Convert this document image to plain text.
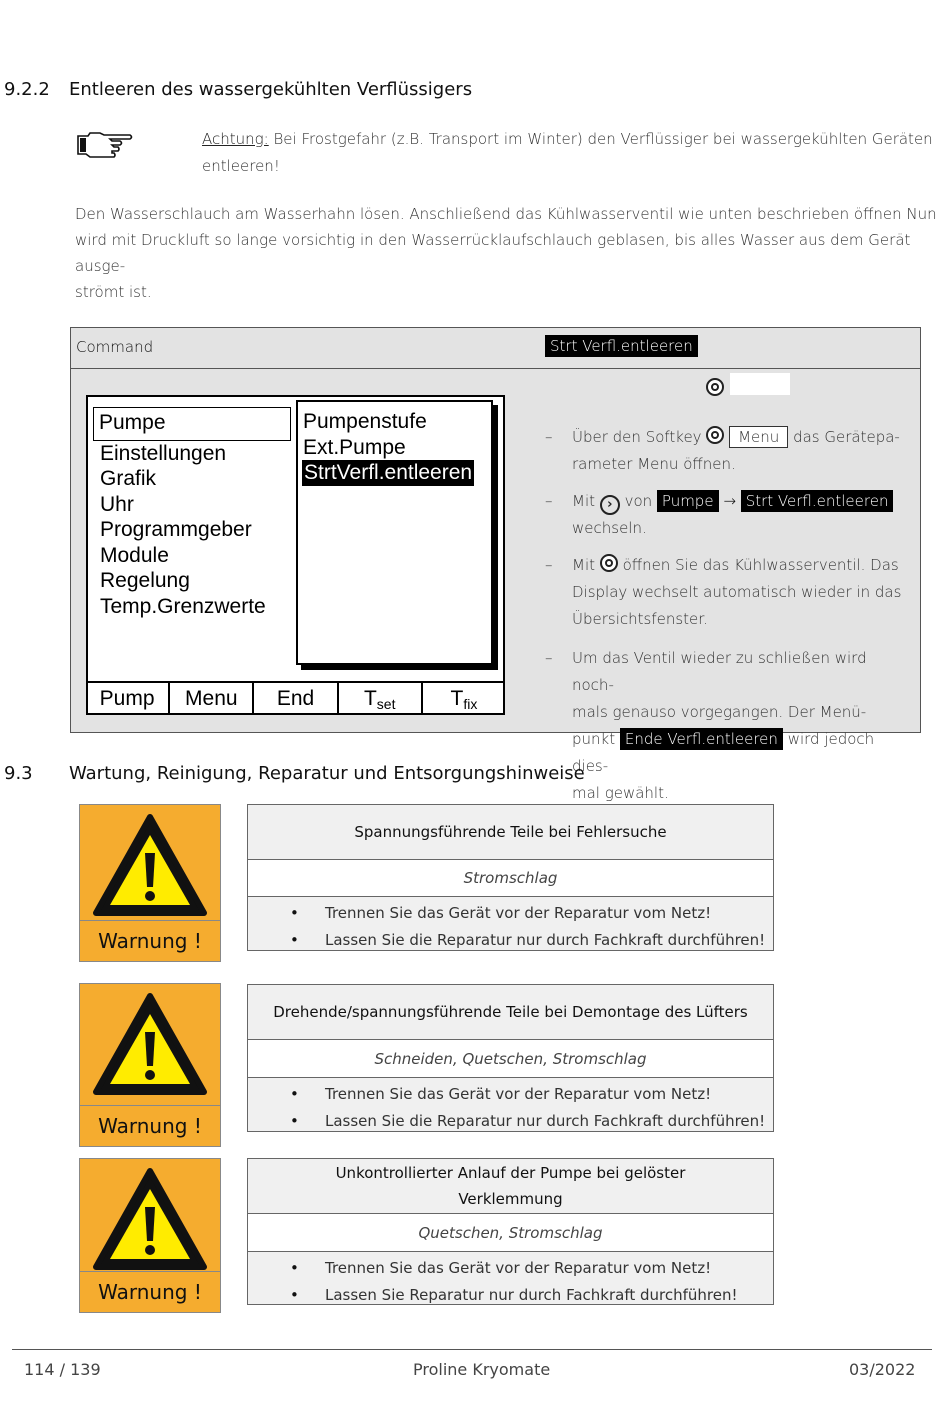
9.2.2 Entleeren des wassergekühlten Verflüssigers
Achtung: Bei Frostgefahr (z.B. Transport im Winter) den Verflüssiger bei wassergekühlten Geräten
entleeren!
Den Wasserschlauch am Wasserhahn lösen. Anschließend das Kühlwasserventil wie unten beschrieben öffnen Nun
wird mit Druckluft so lange vorsichtig in den Wasserrücklaufschlauch geblasen, bis alles Wasser aus dem Gerät ausge-
strömt ist.
Command	Strt Verfl.entleeren
Pumpe
Einstellungen
Grafik
Uhr
Programmgeber
Module
Regelung
Temp.Grenzwerte
Pumpenstufe
Ext.Pumpe
StrtVerfl.entleeren
Pump	Menu	End	T set	T fix
– Über den Softkey Menu das Gerätepa-
rameter Menu öffnen.
– Mit › von Pumpe → Strt Verfl.entleeren
wechseln.
– Mit öffnen Sie das Kühlwasserventil. Das
Display wechselt automatisch wieder in das
Übersichtsfenster.
– Um das Ventil wieder zu schließen wird noch-
mals genauso vorgegangen. Der Menü-
punkt Ende Verfl.entleeren wird jedoch dies-
mal gewählt.
9.3 Wartung, Reinigung, Reparatur und Entsorgungshinweise
Warnung !
Spannungsführende Teile bei Fehlersuche
Stromschlag
• Trennen Sie das Gerät vor der Reparatur vom Netz!
• Lassen Sie die Reparatur nur durch Fachkraft durchführen!
Warnung !
Drehende/spannungsführende Teile bei Demontage des Lüfters
Schneiden, Quetschen, Stromschlag
• Trennen Sie das Gerät vor der Reparatur vom Netz!
• Lassen Sie die Reparatur nur durch Fachkraft durchführen!
Warnung !
Unkontrollierter Anlauf der Pumpe bei gelöster
Verklemmung
Quetschen, Stromschlag
• Trennen Sie das Gerät vor der Reparatur vom Netz!
• Lassen Sie Reparatur nur durch Fachkraft durchführen!
114 / 139	Proline Kryomate	03/2022
